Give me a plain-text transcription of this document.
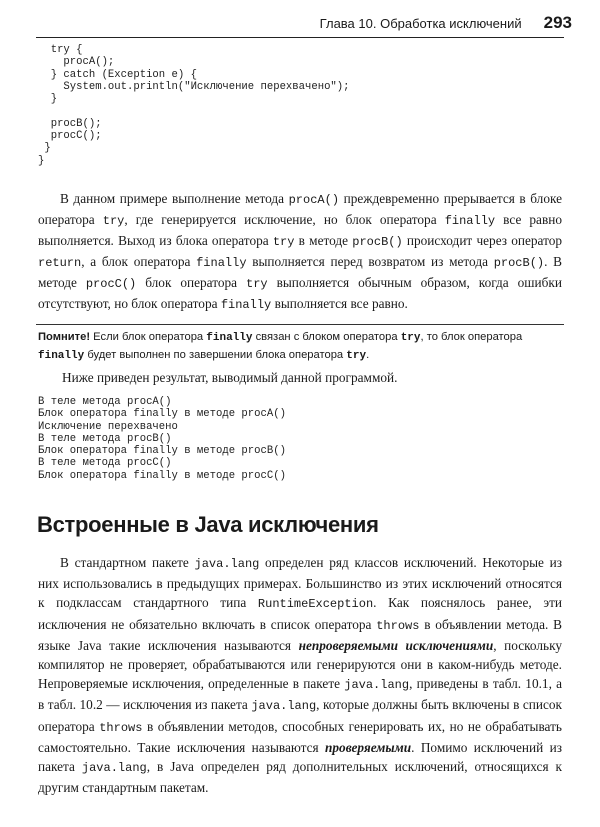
Глава 10. Обработка исключений 293
try {
procA();
} catch (Exception e) {
System.out.println("Исключение перехвачено");
}

procB();
procC();
}
}

В данном примере выполнение метода procA() преждевременно прерывается в блоке оператора try, где генерируется исключение, но блок оператора finally все равно выполняется. Выход из блока оператора try в методе procB() происходит через оператор return, а блок оператора finally выполняется перед возвратом из метода procB(). В методе procC() блок оператора try выполняется обычным образом, когда ошибки отсутствуют, но блок оператора finally выполняется все равно.

Помните! Если блок оператора finally связан с блоком оператора try, то блок оператора finally будет выполнен по завершении блока оператора try.
Ниже приведен результат, выводимый данной программой.
В теле метода procA()
Блок оператора finally в методе procA()
Исключение перехвачено
В теле метода procB()
Блок оператора finally в методе procB()
В теле метода procC()
Блок оператора finally в методе procC()
Встроенные в Java исключения

В стандартном пакете java.lang определен ряд классов исключений. Некоторые из них использовались в предыдущих примерах. Большинство из этих исключений относятся к подклассам стандартного типа RuntimeException. Как пояснялось ранее, эти исключения не обязательно включать в список оператора throws в объявлении метода. В языке Java такие исключения называются непроверяемыми исключениями, поскольку компилятор не проверяет, обрабатываются или генерируются они в каком-нибудь методе. Непроверяемые исключения, определенные в пакете java.lang, приведены в табл. 10.1, а в табл. 10.2 — исключения из пакета java.lang, которые должны быть включены в список оператора throws в объявлении методов, способных генерировать их, но не обрабатывать самостоятельно. Такие исключения называются проверяемыми. Помимо исключений из пакета java.lang, в Java определен ряд дополнительных исключений, относящихся к другим стандартным пакетам.
